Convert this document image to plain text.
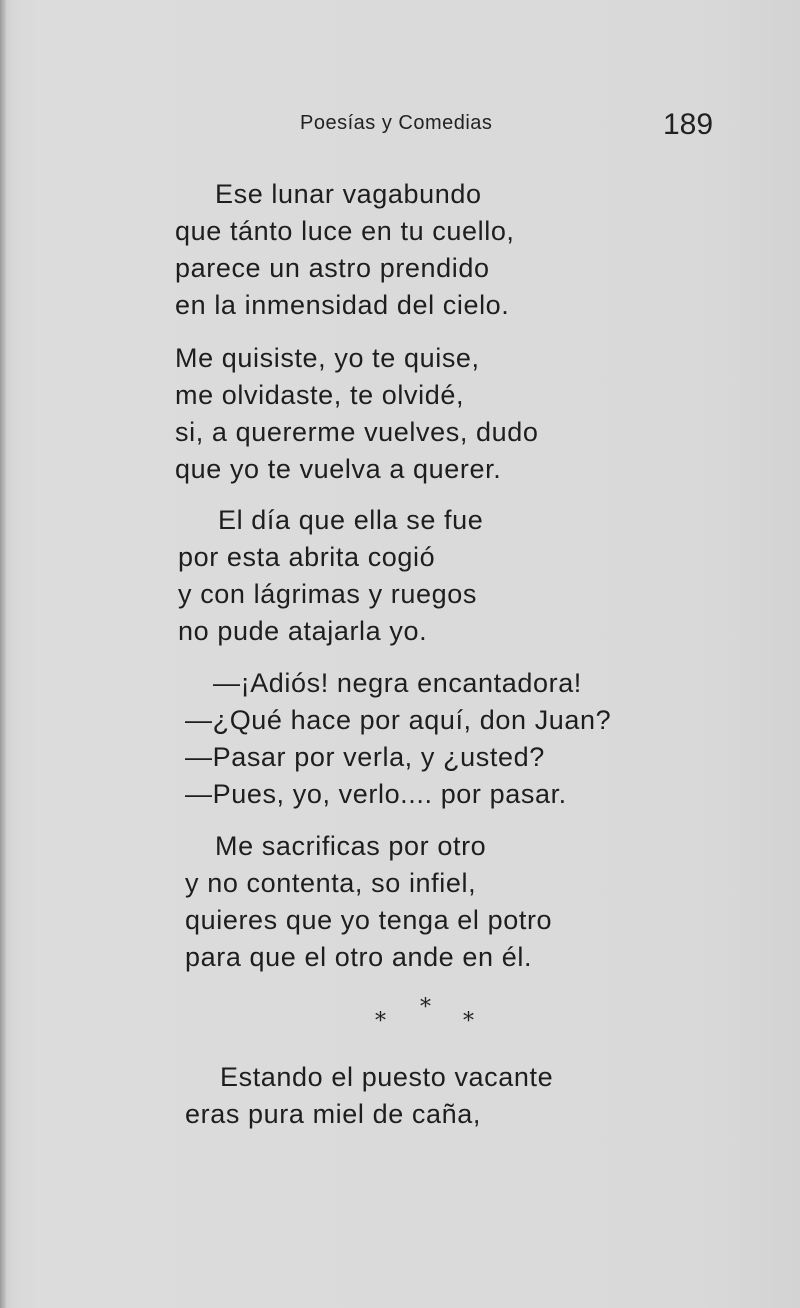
Poesías y Comedias	189
Ese lunar vagabundo
que tánto luce en tu cuello,
parece un astro prendido
en la inmensidad del cielo.
Me quisiste, yo te quise,
me olvidaste, te olvidé,
si, a quererme vuelves, dudo
que yo te vuelva a querer.
El día que ella se fue
por esta abrita cogió
y con lágrimas y ruegos
no pude atajarla yo.
—¡Adiós! negra encantadora!
—¿Qué hace por aquí, don Juan?
—Pasar por verla, y ¿usted?
—Pues, yo, verlo.... por pasar.
Me sacrificas por otro
y no contenta, so infiel,
quieres que yo tenga el potro
para que el otro ande en él.
*
*	*
Estando el puesto vacante
eras pura miel de caña,
